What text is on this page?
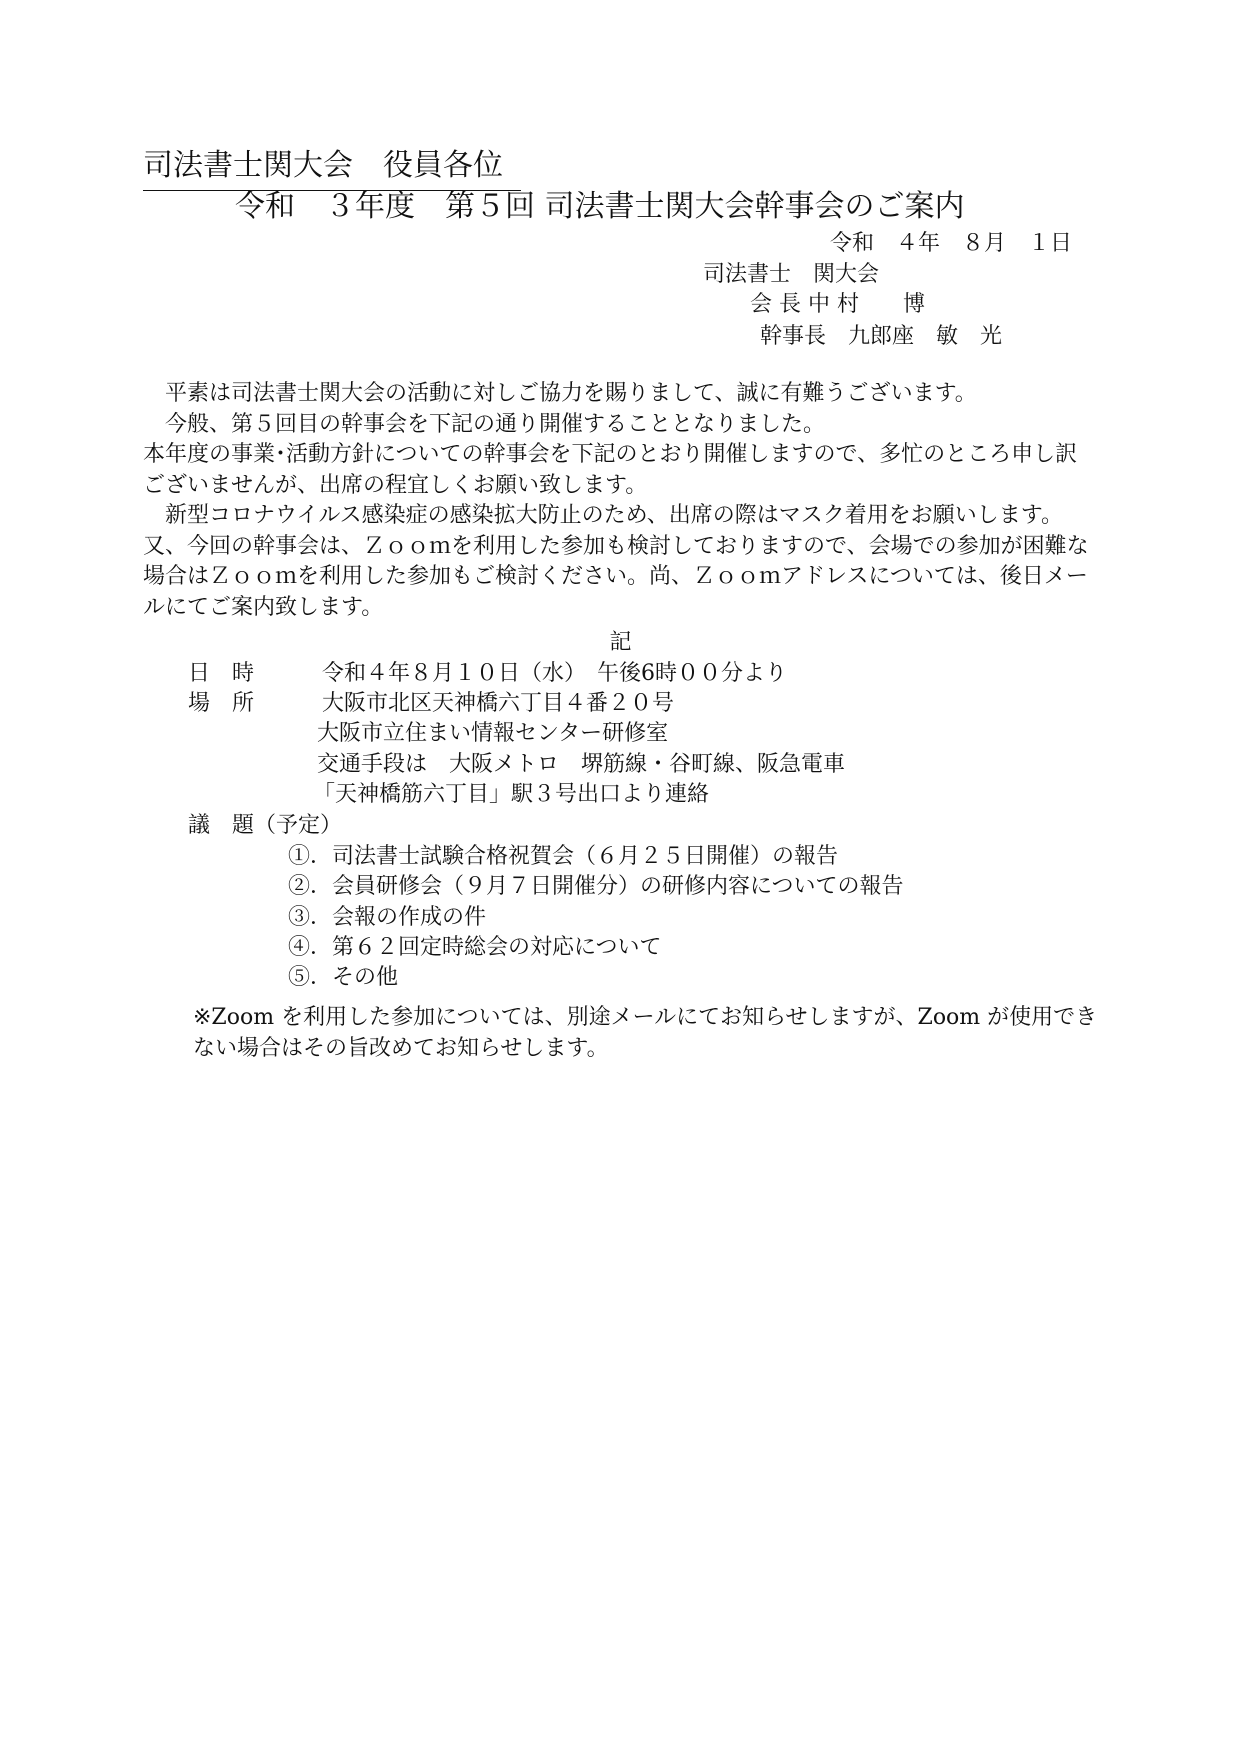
司法書士関大会　役員各位
令和　３年度　第５回 司法書士関大会幹事会のご案内
令和　４年　８月　１日
司法書士　関大会
会 長 中 村　　博
幹事長　九郎座　敏　光

　平素は司法書士関大会の活動に対しご協力を賜りまして、誠に有難うございます。

　今般、第５回目の幹事会を下記の通り開催することとなりました。

本年度の事業･活動方針についての幹事会を下記のとおり開催しますので、多忙のところ申し訳ございませんが、出席の程宜しくお願い致します。

　新型コロナウイルス感染症の感染拡大防止のため、出席の際はマスク着用をお願いします。又、今回の幹事会は、Ｚｏｏｍを利用した参加も検討しておりますので、会場での参加が困難な場合はＺｏｏｍを利用した参加もご検討ください。尚、Ｚｏｏｍアドレスについては、後日メールにてご案内致します。

記
日　時	令和４年８月１０日（水）　午後6時００分より
場　所	大阪市北区天神橋六丁目４番２０号
大阪市立住まい情報センター研修室
交通手段は　大阪メトロ　堺筋線・谷町線、阪急電車
「天神橋筋六丁目」駅３号出口より連絡
議　題（予定）
①．司法書士試験合格祝賀会（６月２５日開催）の報告
②．会員研修会（９月７日開催分）の研修内容についての報告
③．会報の作成の件
④．第６２回定時総会の対応について
⑤．その他
※Zoom を利用した参加については、別途メールにてお知らせしますが、Zoom が使用できない場合はその旨改めてお知らせします。
